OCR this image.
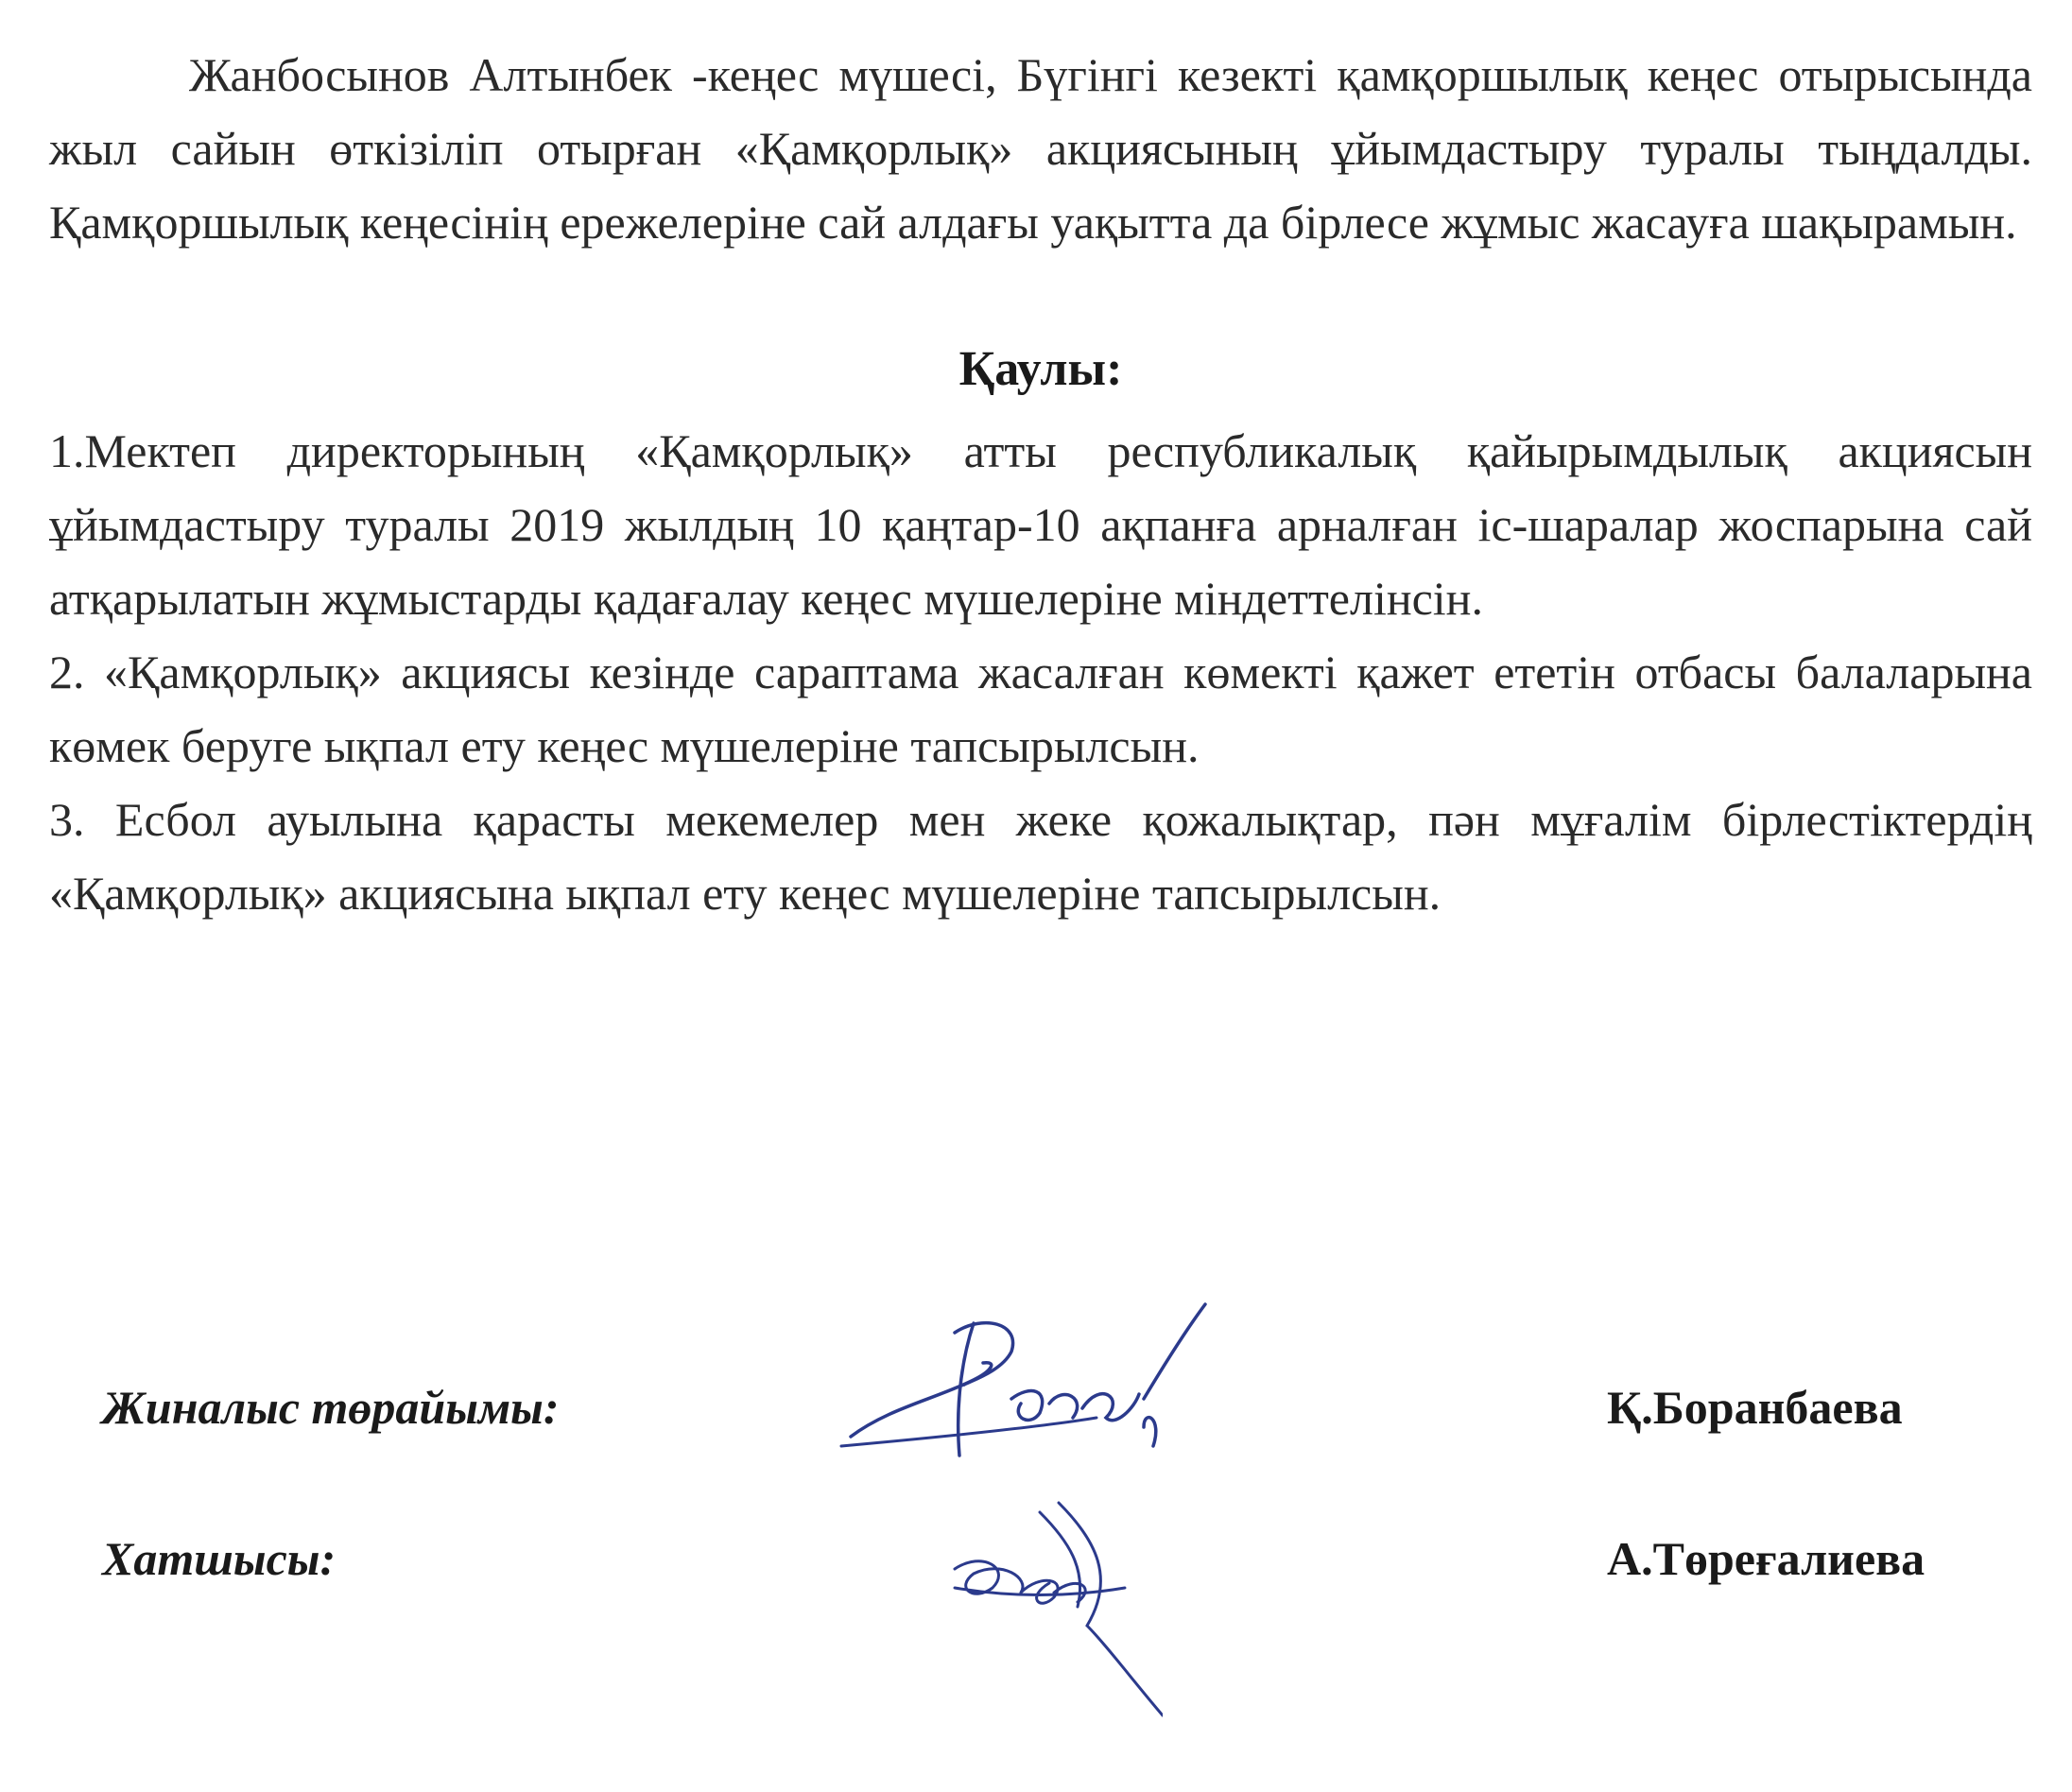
Жанбосынов Алтынбек -кеңес мүшесі, Бүгінгі кезекті қамқоршылық кеңес отырысында жыл сайын өткізіліп отырған «Қамқорлық» акциясының ұйымдастыру туралы тыңдалды. Қамқоршылық кеңесінің ережелеріне сай алдағы уақытта да бірлесе жұмыс жасауға шақырамын.

Қаулы:

1.Мектеп директорының «Қамқорлық» атты республикалық қайырымдылық акциясын ұйымдастыру туралы 2019 жылдың 10 қаңтар-10 ақпанға арналған іс-шаралар жоспарына сай атқарылатын жұмыстарды қадағалау кеңес мүшелеріне міндеттелінсін.

2. «Қамқорлық» акциясы кезінде сараптама жасалған көмекті қажет ететін отбасы балаларына көмек беруге ықпал ету кеңес мүшелеріне тапсырылсын.

3. Есбол ауылына қарасты мекемелер мен жеке қожалықтар, пән мұғалім бірлестіктердің «Қамқорлық» акциясына ықпал ету кеңес мүшелеріне тапсырылсын.

Жиналыс төрайымы:	Қ.Боранбаева
Хатшысы:	А.Төреғалиева
